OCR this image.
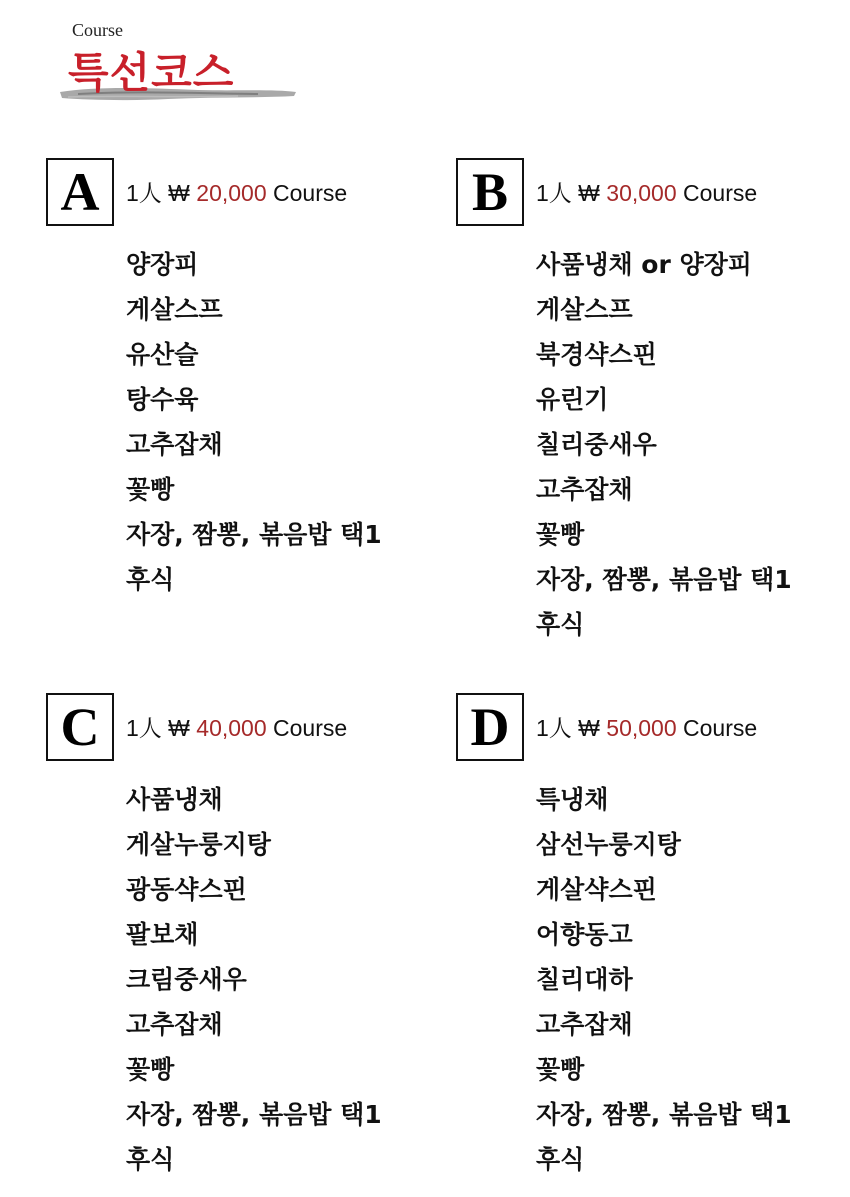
Course
특선코스
A	1人 ₩ 20,000 Course
양장피
게살스프
유산슬
탕수육
고추잡채
꽃빵
자장, 짬뽕, 볶음밥 택1
후식
B	1人 ₩ 30,000 Course
사품냉채 or 양장피
게살스프
북경샥스핀
유린기
칠리중새우
고추잡채
꽃빵
자장, 짬뽕, 볶음밥 택1
후식
C	1人 ₩ 40,000 Course
사품냉채
게살누룽지탕
광동샥스핀
팔보채
크림중새우
고추잡채
꽃빵
자장, 짬뽕, 볶음밥 택1
후식
D	1人 ₩ 50,000 Course
특냉채
삼선누룽지탕
게살샥스핀
어향동고
칠리대하
고추잡채
꽃빵
자장, 짬뽕, 볶음밥 택1
후식
